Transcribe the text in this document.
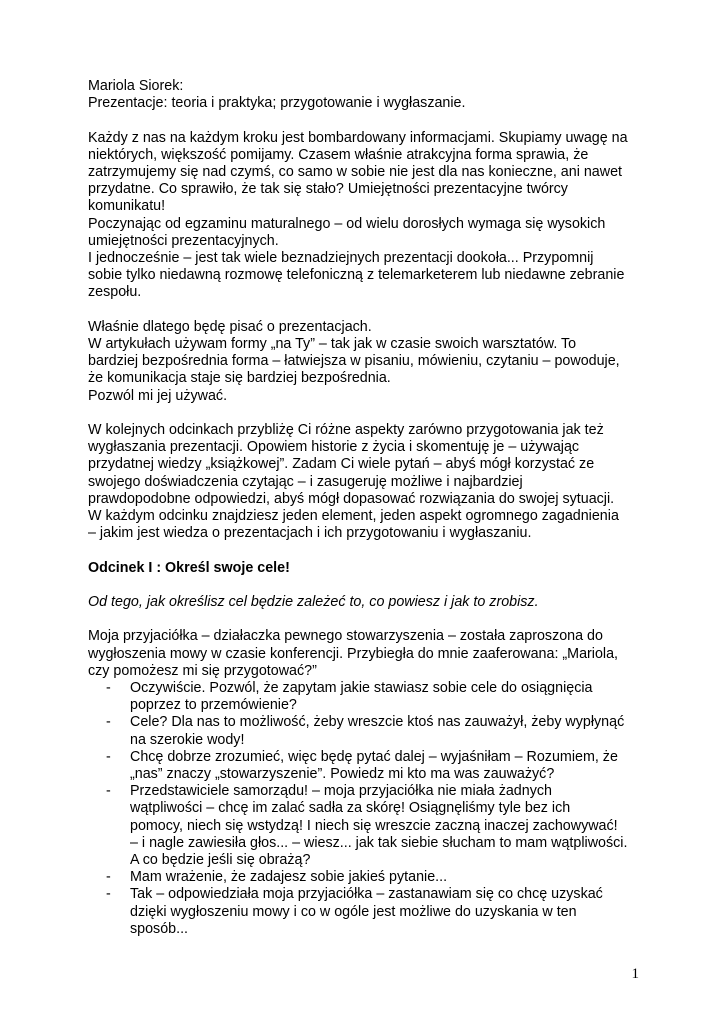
Mariola Siorek:
Prezentacje: teoria i praktyka; przygotowanie i wygłaszanie.

Każdy z nas na każdym kroku jest bombardowany informacjami. Skupiamy uwagę na
niektórych, większość pomijamy. Czasem właśnie atrakcyjna forma sprawia, że
zatrzymujemy się nad czymś, co samo w sobie nie jest dla nas konieczne, ani nawet
przydatne. Co sprawiło, że tak się stało? Umiejętności prezentacyjne twórcy
komunikatu!
Poczynając od egzaminu maturalnego – od wielu dorosłych wymaga się wysokich
umiejętności prezentacyjnych.
I jednocześnie – jest tak wiele beznadziejnych prezentacji dookoła... Przypomnij
sobie tylko niedawną rozmowę telefoniczną z telemarketerem lub niedawne zebranie
zespołu.

Właśnie dlatego będę pisać o prezentacjach.
W artykułach używam formy „na Ty” – tak jak w czasie swoich warsztatów. To
bardziej bezpośrednia forma – łatwiejsza w pisaniu, mówieniu, czytaniu – powoduje,
że komunikacja staje się bardziej bezpośrednia.
Pozwól mi jej używać.

W kolejnych odcinkach przybliżę Ci różne aspekty zarówno przygotowania jak też
wygłaszania prezentacji. Opowiem historie z życia i skomentuję je – używając
przydatnej wiedzy „książkowej”. Zadam Ci wiele pytań – abyś mógł korzystać ze
swojego doświadczenia czytając – i zasugeruję możliwe i najbardziej
prawdopodobne odpowiedzi, abyś mógł dopasować rozwiązania do swojej sytuacji.
W każdym odcinku znajdziesz jeden element, jeden aspekt ogromnego zagadnienia
– jakim jest wiedza o prezentacjach i ich przygotowaniu i wygłaszaniu.

Odcinek I : Określ swoje cele!

Od tego, jak określisz cel będzie zależeć to, co powiesz i jak to zrobisz.

Moja przyjaciółka – działaczka pewnego stowarzyszenia – została zaproszona do
wygłoszenia mowy w czasie konferencji. Przybiegła do mnie zaaferowana: „Mariola,
czy pomożesz mi się przygotować?”
- Oczywiście. Pozwól, że zapytam jakie stawiasz sobie cele do osiągnięcia
poprzez to przemówienie?
- Cele? Dla nas to możliwość, żeby wreszcie ktoś nas zauważył, żeby wypłynąć
na szerokie wody!
- Chcę dobrze zrozumieć, więc będę pytać dalej – wyjaśniłam – Rozumiem, że
„nas” znaczy „stowarzyszenie”. Powiedz mi kto ma was zauważyć?
- Przedstawiciele samorządu! – moja przyjaciółka nie miała żadnych
wątpliwości – chcę im zalać sadła za skórę! Osiągnęliśmy tyle bez ich
pomocy, niech się wstydzą! I niech się wreszcie zaczną inaczej zachowywać!
– i nagle zawiesiła głos... – wiesz... jak tak siebie słucham to mam wątpliwości.
A co będzie jeśli się obrażą?
- Mam wrażenie, że zadajesz sobie jakieś pytanie...
- Tak – odpowiedziała moja przyjaciółka – zastanawiam się co chcę uzyskać
dzięki wygłoszeniu mowy i co w ogóle jest możliwe do uzyskania w ten
sposób...
1
